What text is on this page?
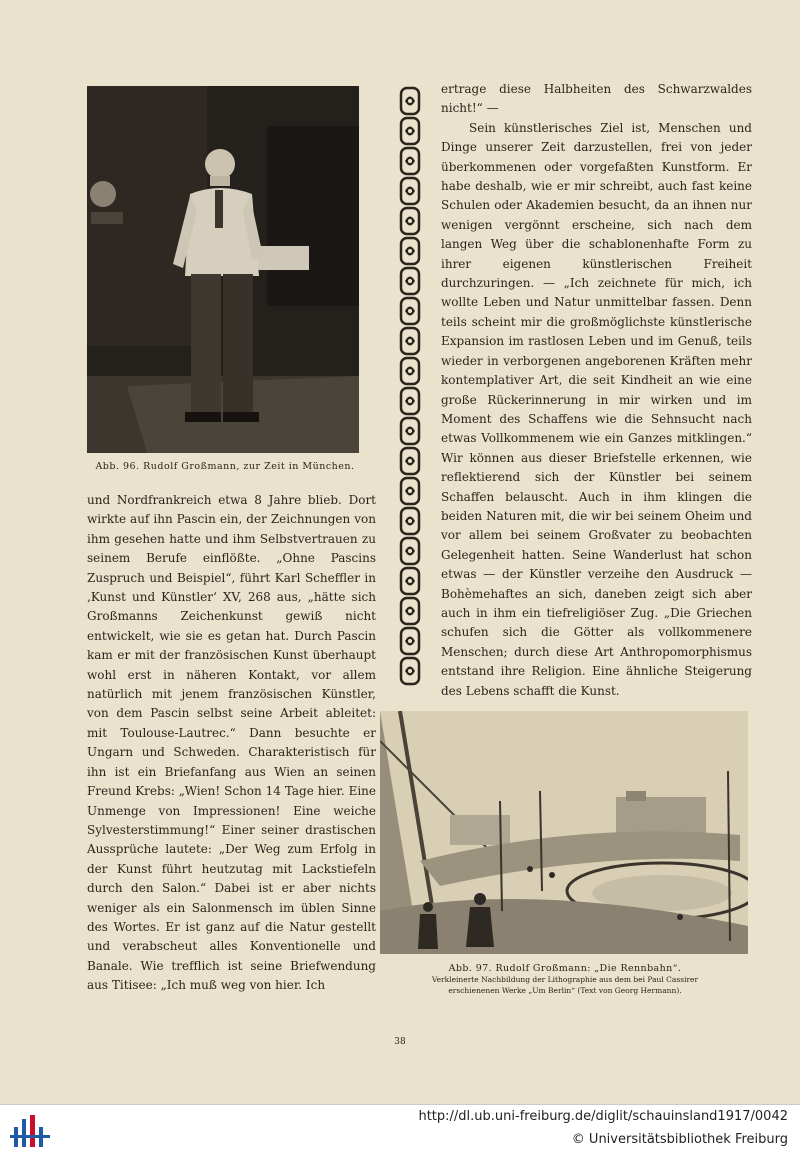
Abb. 96. Rudolf Großmann, zur Zeit in München.

ertrage diese Halbheiten des Schwarzwaldes nicht!“ —

Sein künstlerisches Ziel ist, Menschen und Dinge unserer Zeit darzustellen, frei von jeder überkommenen oder vorgefaßten Kunstform. Er habe deshalb, wie er mir schreibt, auch fast keine Schulen oder Akademien besucht, da an ihnen nur wenigen vergönnt erscheine, sich nach dem langen Weg über die schablonenhafte Form zu ihrer eigenen künstlerischen Freiheit durchzuringen. — „Ich zeichnete für mich, ich wollte Leben und Natur unmittelbar fassen. Denn teils scheint mir die großmöglichste künstlerische Expansion im rastlosen Leben und im Genuß, teils wieder in verborgenen angeborenen Kräften mehr kontemplativer Art, die seit Kindheit an wie eine große Rückerinnerung in mir wirken und im Moment des Schaffens wie die Sehnsucht nach etwas Vollkommenem wie ein Ganzes mitklingen.“ Wir können aus dieser Briefstelle erkennen, wie reflektierend sich der Künstler bei seinem Schaffen belauscht. Auch in ihm klingen die beiden Naturen mit, die wir bei seinem Oheim und vor allem bei seinem Großvater zu beobachten Gelegenheit hatten. Seine Wanderlust hat schon etwas — der Künstler verzeihe den Ausdruck — Bohèmehaftes an sich, daneben zeigt sich aber auch in ihm ein tiefreligiöser Zug. „Die Griechen schufen sich die Götter als vollkommenere Menschen; durch diese Art Anthropomorphismus entstand ihre Religion. Eine ähnliche Steigerung des Lebens schafft die Kunst.

und Nordfrankreich etwa 8 Jahre blieb. Dort wirkte auf ihn Pascin ein, der Zeichnungen von ihm gesehen hatte und ihm Selbstvertrauen zu seinem Berufe einflößte. „Ohne Pascins Zuspruch und Beispiel“, führt Karl Scheffler in ‚Kunst und Künstler‘ XV, 268 aus, „hätte sich Großmanns Zeichenkunst gewiß nicht entwickelt, wie sie es getan hat. Durch Pascin kam er mit der französischen Kunst überhaupt wohl erst in näheren Kontakt, vor allem natürlich mit jenem französischen Künstler, von dem Pascin selbst seine Arbeit ableitet: mit Toulouse-Lautrec.“ Dann besuchte er Ungarn und Schweden. Charakteristisch für ihn ist ein Briefanfang aus Wien an seinen Freund Krebs: „Wien! Schon 14 Tage hier. Eine Unmenge von Impressionen! Eine weiche Sylvesterstimmung!“ Einer seiner drastischen Aussprüche lautete: „Der Weg zum Erfolg in der Kunst führt heutzutag mit Lackstiefeln durch den Salon.“ Dabei ist er aber nichts weniger als ein Salonmensch im üblen Sinne des Wortes. Er ist ganz auf die Natur gestellt und verabscheut alles Konventionelle und Banale. Wie trefflich ist seine Briefwendung aus Titisee: „Ich muß weg von hier. Ich

Abb. 97. Rudolf Großmann: „Die Rennbahn“.
Verkleinerte Nachbildung der Lithographie aus dem bei Paul Cassirer
erschienenen Werke „Um Berlin“ (Text von Georg Hermann).
38
http://dl.ub.uni-freiburg.de/diglit/schauinsland1917/0042
© Universitätsbibliothek Freiburg
